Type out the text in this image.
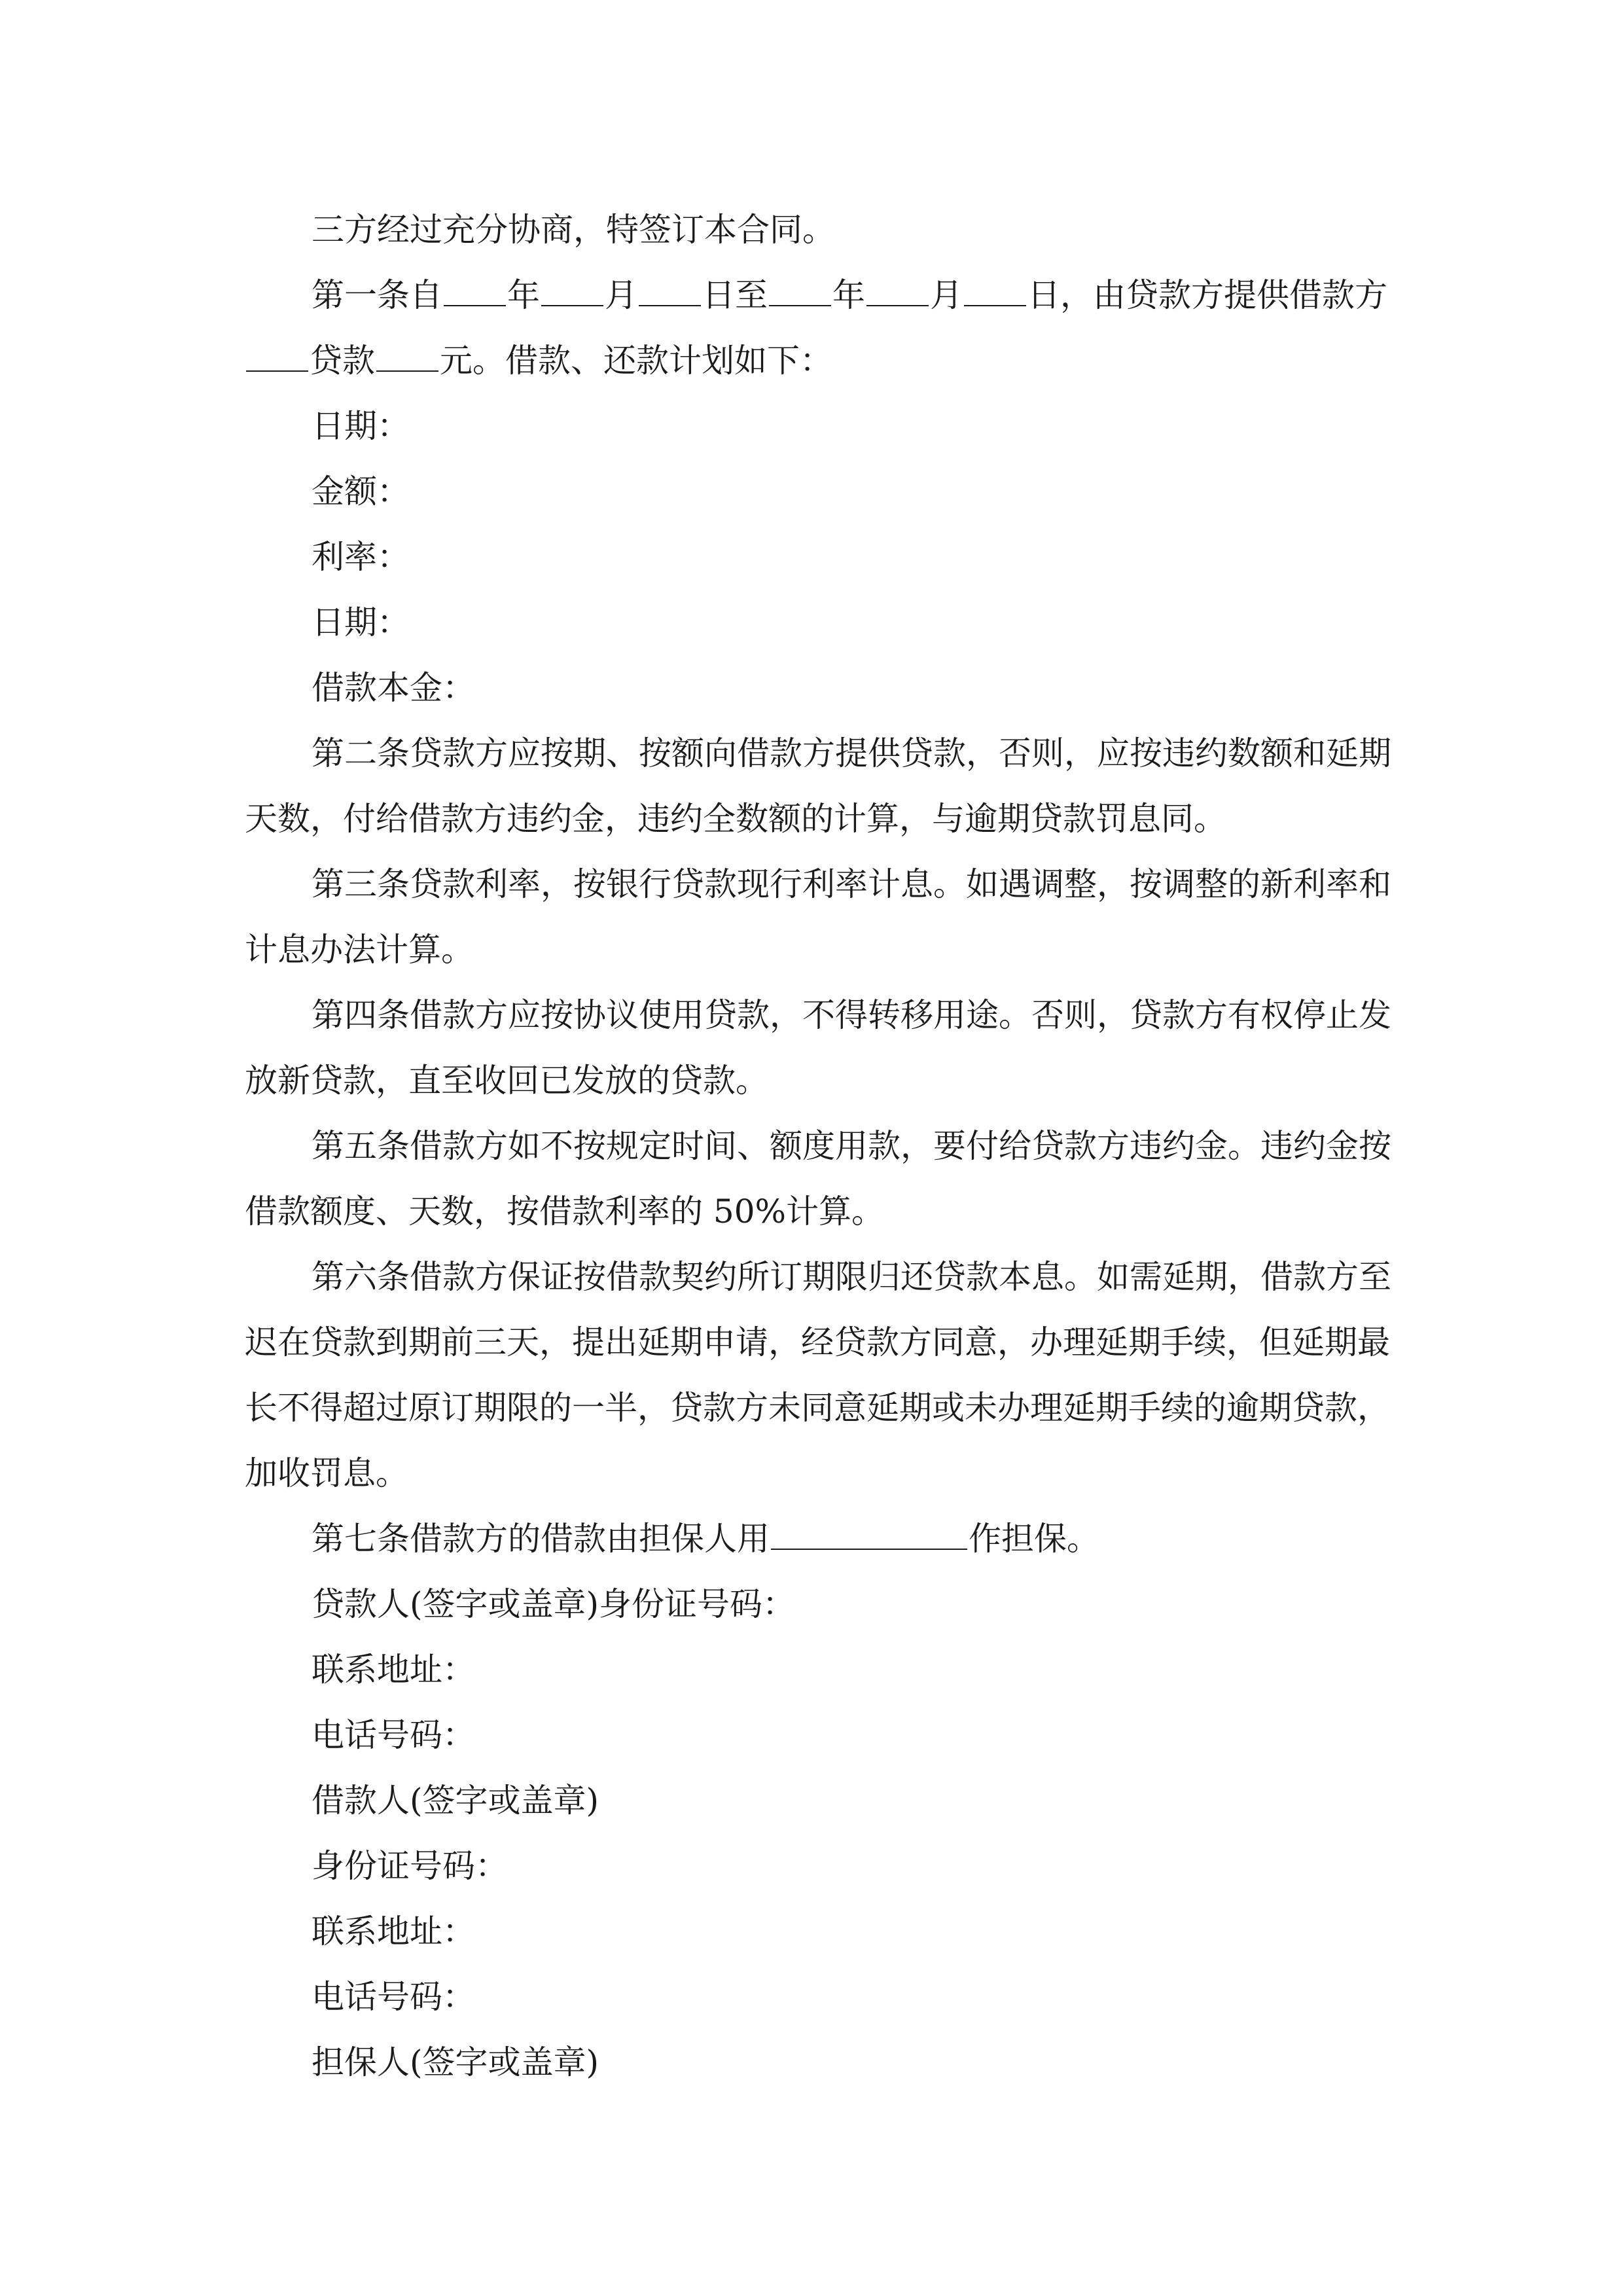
三方经过充分协商，特签订本合同。
第一条自 年 月 日至 年 月 日，由贷款方提供借款方
贷款 元。借款、还款计划如下：
日期：
金额：
利率：
日期：
借款本金：
第二条贷款方应按期、按额向借款方提供贷款，否则，应按违约数额和延期
天数，付给借款方违约金，违约全数额的计算，与逾期贷款罚息同。
第三条贷款利率，按银行贷款现行利率计息。如遇调整，按调整的新利率和
计息办法计算。
第四条借款方应按协议使用贷款，不得转移用途。否则，贷款方有权停止发
放新贷款，直至收回已发放的贷款。
第五条借款方如不按规定时间、额度用款，要付给贷款方违约金。违约金按
借款额度、天数，按借款利率的 50%计算。
第六条借款方保证按借款契约所订期限归还贷款本息。如需延期，借款方至
迟在贷款到期前三天，提出延期申请，经贷款方同意，办理延期手续，但延期最
长不得超过原订期限的一半，贷款方未同意延期或未办理延期手续的逾期贷款，
加收罚息。
第七条借款方的借款由担保人用	作担保。
贷款人(签字或盖章)身份证号码：
联系地址：
电话号码：
借款人(签字或盖章)
身份证号码：
联系地址：
电话号码：
担保人(签字或盖章)
